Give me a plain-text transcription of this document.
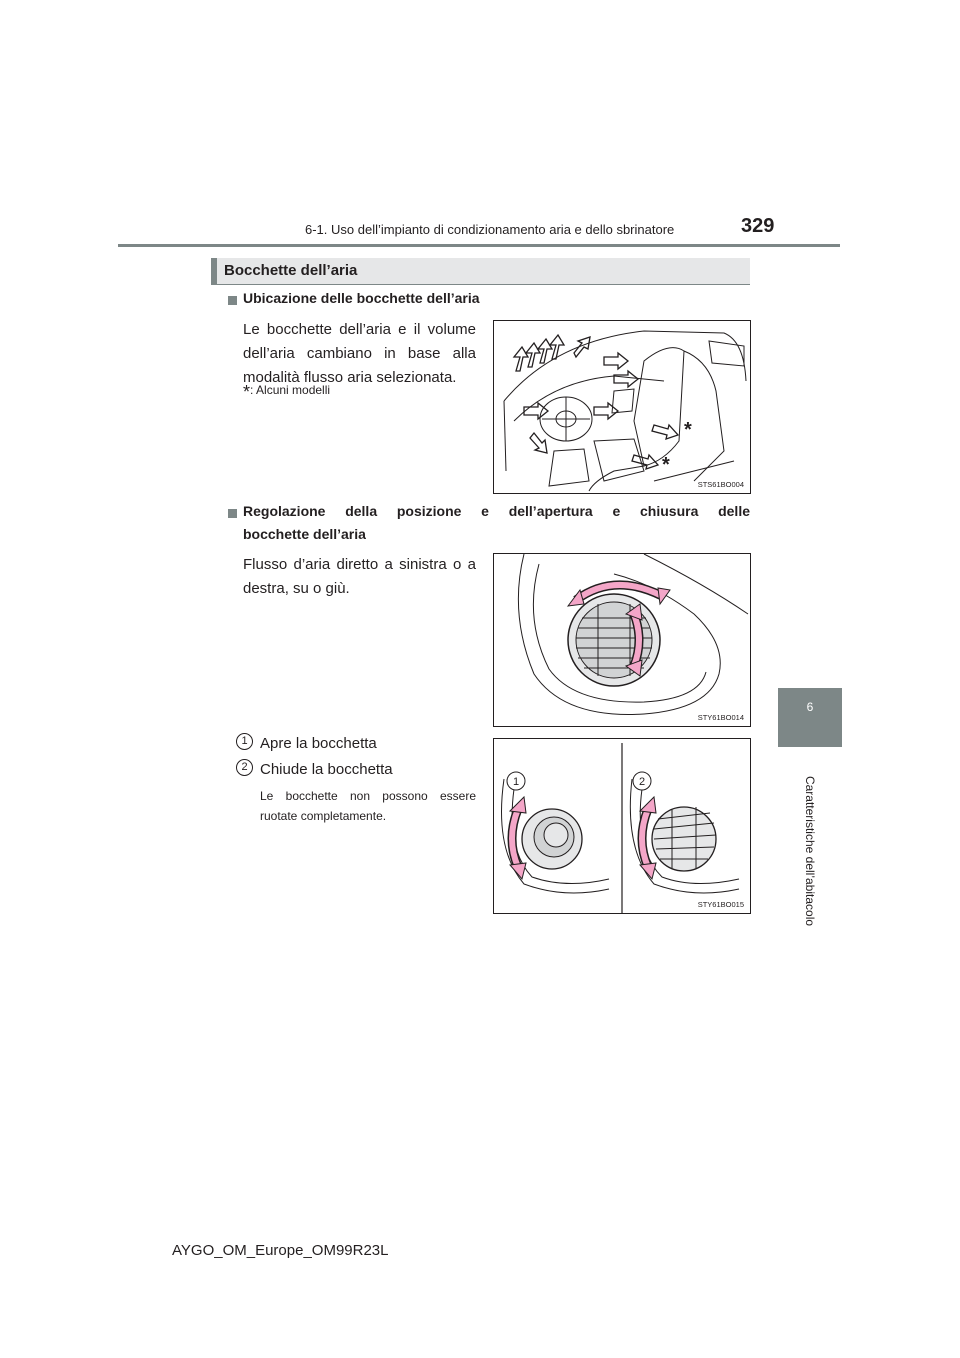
6-1. Uso dell’impianto di condizionamento aria e dello sbrinatore	329
6
Caratteristiche dell’abitacolo
Bocchette dell’aria
Ubicazione delle bocchette dell’aria
Le bocchette dell’aria e il volume dell’aria cambiano in base alla modalità flusso aria selezionata.
*: Alcuni modelli
*
*
STS61BO004
Regolazione della posizione e dell’apertura e chiusura delle
bocchette dell’aria
Flusso d’aria diretto a sinistra o a destra, su o giù.
STY61BO014
1 Apre la bocchetta
2 Chiude la bocchetta
Le bocchette non possono essere ruotate completamente.
1	2
STY61BO015
AYGO_OM_Europe_OM99R23L
